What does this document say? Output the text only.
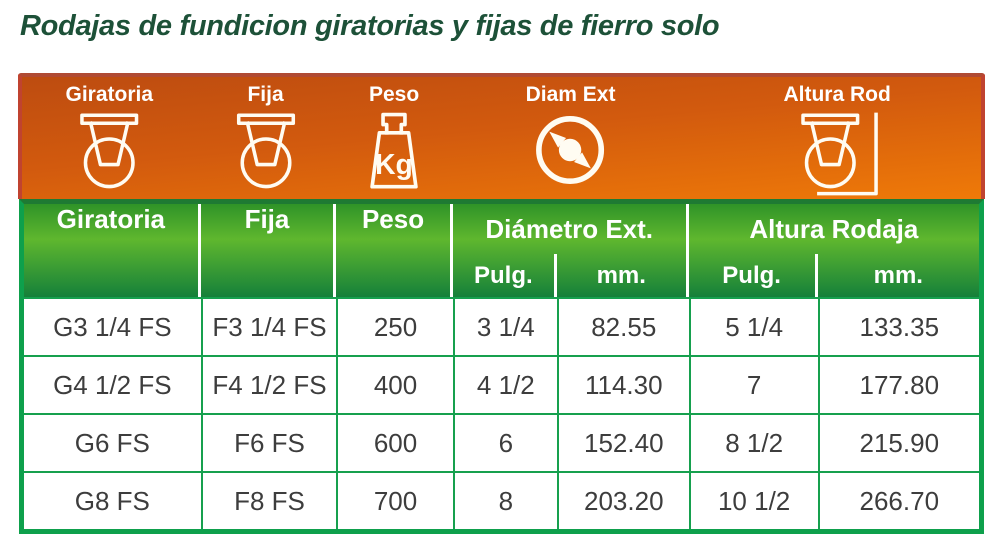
Rodajas de fundicion giratorias y fijas de fierro solo
Giratoria	Fija	Peso
Kg
Diam Ext	Altura Rod
Giratoria	Fija	Peso	Diámetro Ext.		Altura Rodaja	
			Pulg.	mm.	Pulg.	mm.
G3 1/4 FS	F3 1/4 FS	250	3 1/4	82.55	5 1/4	133.35
G4 1/2 FS	F4 1/2 FS	400	4 1/2	114.30	7	177.80
G6 FS	F6 FS	600	6	152.40	8 1/2	215.90
G8 FS	F8 FS	700	8	203.20	10 1/2	266.70
